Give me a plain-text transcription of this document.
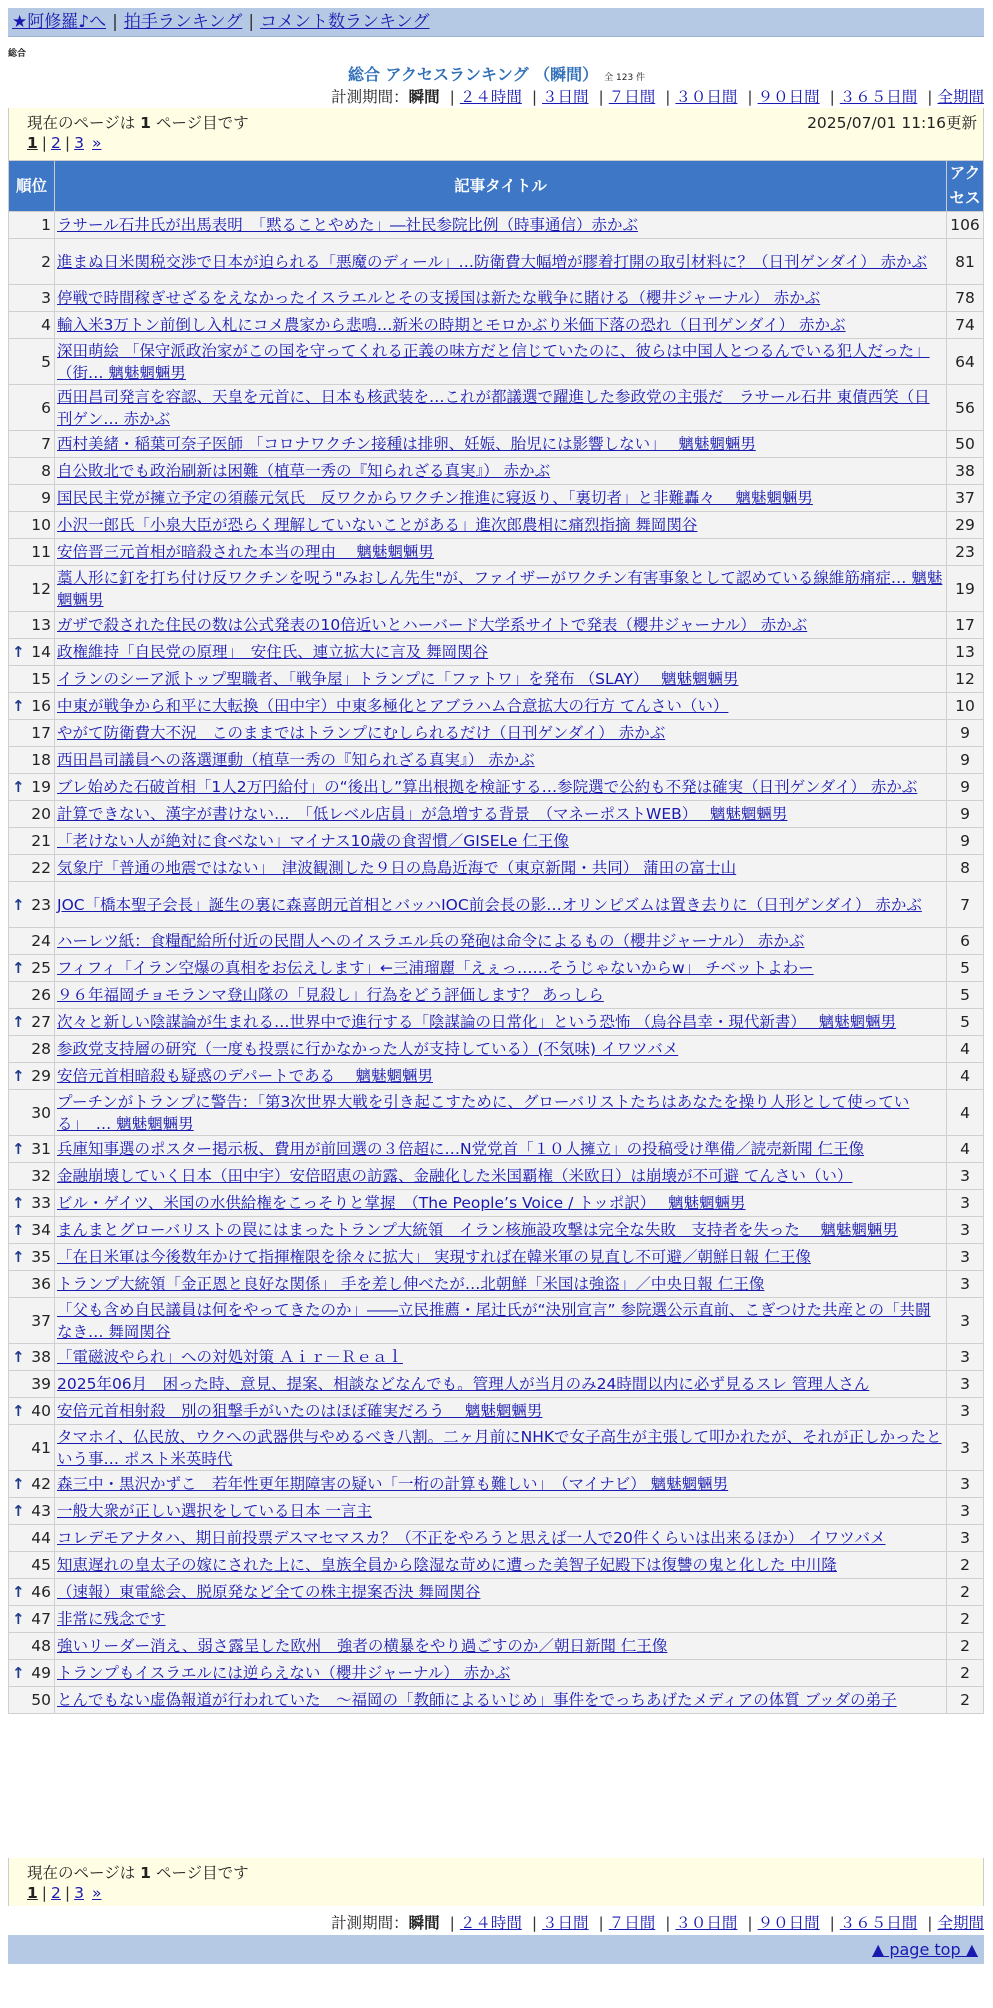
★阿修羅♪へ | 拍手ランキング | コメント数ランキング
総合
総合 アクセスランキング （瞬間） 全 123 件
計測期間：瞬間 | ２４時間 | ３日間 | ７日間 | ３０日間 | ９０日間 | ３６５日間 | 全期間
現在のページは 1 ページ目です	2025/07/01 11:16更新
1 | 2 | 3 »
順位	記事タイトル	アクセス
1	ラサール石井氏が出馬表明　「黙ることやめた」―社民参院比例（時事通信）赤かぶ	106
2	進まぬ日米関税交渉で日本が迫られる「悪魔のディール」…防衛費大幅増が膠着打開の取引材料に？（日刊ゲンダイ） 赤かぶ	81
3	停戦で時間稼ぎせざるをえなかったイスラエルとその支援国は新たな戦争に賭ける（櫻井ジャーナル） 赤かぶ	78
4	輸入米3万トン前倒し入札にコメ農家から悲鳴…新米の時期とモロかぶり米価下落の恐れ（日刊ゲンダイ） 赤かぶ	74
5	深田萌絵 「保守派政治家がこの国を守ってくれる正義の味方だと信じていたのに、彼らは中国人とつるんでいる犯人だった」（街… 魑魅魍魎男	64
6	西田昌司発言を容認、天皇を元首に、日本も核武装を…これが都議選で躍進した参政党の主張だ　ラサール石井 東債西笑（日刊ゲン… 赤かぶ	56
7	西村美緒・稲葉可奈子医師 「コロナワクチン接種は排卵、妊娠、胎児には影響しない」　 魑魅魍魎男	50
8	自公敗北でも政治刷新は困難（植草一秀の『知られざる真実』） 赤かぶ	38
9	国民民主党が擁立予定の須藤元気氏　反ワクからワクチン推進に寝返り、「裏切者」と非難轟々　 魑魅魍魎男	37
10	小沢一郎氏「小泉大臣が恐らく理解していないことがある」進次郎農相に痛烈指摘 舞岡関谷	29
11	安倍晋三元首相が暗殺された本当の理由　 魑魅魍魎男	23
12	藁人形に釘を打ち付け反ワクチンを呪う"みおしん先生"が、ファイザーがワクチン有害事象として認めている線維筋痛症… 魑魅魍魎男	19
13	ガザで殺された住民の数は公式発表の10倍近いとハーバード大学系サイトで発表（櫻井ジャーナル） 赤かぶ	17

↑ 14	政権維持「自民党の原理」　安住氏、連立拡大に言及 舞岡関谷	13
15	イランのシーア派トップ聖職者、「戦争屋」トランプに「ファトワ」を発布 （SLAY）　 魑魅魍魎男	12

↑ 16	中東が戦争から和平に大転換（田中宇）中東多極化とアブラハム合意拡大の行方 てんさい（い）	10
17	やがて防衛費大不況　このままではトランプにむしられるだけ（日刊ゲンダイ） 赤かぶ	9
18	西田昌司議員への落選運動（植草一秀の『知られざる真実』） 赤かぶ	9

↑ 19	ブレ始めた石破首相「1人2万円給付」の“後出し”算出根拠を検証する…参院選で公約も不発は確実（日刊ゲンダイ） 赤かぶ	9
20	計算できない、漢字が書けない…　「低レベル店員」が急増する背景　（マネーポストWEB）　 魑魅魍魎男	9
21	「老けない人が絶対に食べない」マイナス10歳の食習慣／GISELe 仁王像	9
22	気象庁「普通の地震ではない」　津波観測した９日の鳥島近海で（東京新聞・共同） 蒲田の富士山	8

↑ 23	JOC「橋本聖子会長」誕生の裏に森喜朗元首相とバッハIOC前会長の影…オリンピズムは置き去りに（日刊ゲンダイ） 赤かぶ	7
24	ハーレツ紙：食糧配給所付近の民間人へのイスラエル兵の発砲は命令によるもの（櫻井ジャーナル） 赤かぶ	6

↑ 25	フィフィ「イラン空爆の真相をお伝えします」←三浦瑠麗「えぇっ……そうじゃないからw」 チベットよわー	5
26	９６年福岡チョモランマ登山隊の「見殺し」行為をどう評価します？ あっしら	5

↑ 27	次々と新しい陰謀論が生まれる…世界中で進行する「陰謀論の日常化」という恐怖 （烏谷昌幸・現代新書）　 魑魅魍魎男	5
28	参政党支持層の研究（一度も投票に行かなかった人が支持している）(不気味) イワツバメ	4

↑ 29	安倍元首相暗殺も疑惑のデパートである　 魑魅魍魎男	4
30	プーチンがトランプに警告：「第3次世界大戦を引き起こすために、グローバリストたちはあなたを操り人形として使っている」　… 魑魅魍魎男	4

↑ 31	兵庫知事選のポスター掲示板、費用が前回選の３倍超に…N党党首「１０人擁立」の投稿受け準備／読売新聞 仁王像	4
32	金融崩壊していく日本（田中宇）安倍昭恵の訪露、金融化した米国覇権（米欧日）は崩壊が不可避 てんさい（い）	3

↑ 33	ビル・ゲイツ、米国の水供給権をこっそりと掌握　（The People’s Voice / トッポ訳）　 魑魅魍魎男	3

↑ 34	まんまとグローバリストの罠にはまったトランプ大統領　イラン核施設攻撃は完全な失敗　支持者を失った　 魑魅魍魎男	3

↑ 35	「在日米軍は今後数年かけて指揮権限を徐々に拡大」 実現すれば在韓米軍の見直し不可避／朝鮮日報 仁王像	3
36	トランプ大統領「金正恩と良好な関係」 手を差し伸べたが…北朝鮮「米国は強盗」／中央日報 仁王像	3
37	「父も含め自民議員は何をやってきたのか」――立民推薦・尾辻氏が“決別宣言” 参院選公示直前、こぎつけた共産との「共闘なき… 舞岡関谷	3

↑ 38	「電磁波やられ」への対処対策 Ａｉｒ－Ｒｅａｌ	3
39	2025年06月　困った時、意見、提案、相談などなんでも。管理人が当月のみ24時間以内に必ず見るスレ 管理人さん	3

↑ 40	安倍元首相射殺　別の狙撃手がいたのはほぼ確実だろう　 魑魅魍魎男	3
41	タマホイ、仏民放、ウクへの武器供与やめるべき八割。二ヶ月前にNHKで女子高生が主張して叩かれたが、それが正しかったという事… ポスト米英時代	3

↑ 42	森三中・黒沢かずこ　若年性更年期障害の疑い「一桁の計算も難しい」　（マイナビ） 魑魅魍魎男	3

↑ 43	一般大衆が正しい選択をしている日本 一言主	3
44	コレデモアナタハ、期日前投票デスマセマスカ？（不正をやろうと思えば一人で20件くらいは出来るほか） イワツバメ	3
45	知恵遅れの皇太子の嫁にされた上に、皇族全員から陰湿な苛めに遭った美智子妃殿下は復讐の鬼と化した 中川隆	2

↑ 46	（速報）東電総会、脱原発など全ての株主提案否決 舞岡関谷	2

↑ 47	非常に残念です	2
48	強いリーダー消え、弱さ露呈した欧州　強者の横暴をやり過ごすのか／朝日新聞 仁王像	2

↑ 49	トランプもイスラエルには逆らえない（櫻井ジャーナル） 赤かぶ	2
50	とんでもない虚偽報道が行われていた　～福岡の「教師によるいじめ」事件をでっちあげたメディアの体質 ブッダの弟子	2
現在のページは 1 ページ目です
1 | 2 | 3 »
計測期間：瞬間 | ２４時間 | ３日間 | ７日間 | ３０日間 | ９０日間 | ３６５日間 | 全期間
▲ page top ▲
